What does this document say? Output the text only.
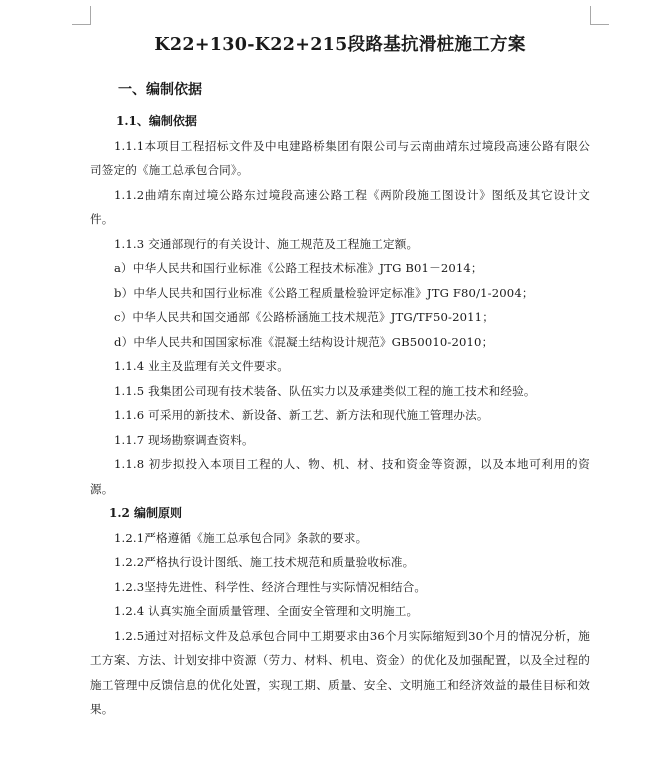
K22+130-K22+215段路基抗滑桩施工方案
一、编制依据
1.1、编制依据

1.1.1本项目工程招标文件及中电建路桥集团有限公司与云南曲靖东过境段高速公路有限公司签定的《施工总承包合同》。

1.1.2曲靖东南过境公路东过境段高速公路工程《两阶段施工图设计》图纸及其它设计文件。

1.1.3 交通部现行的有关设计、施工规范及工程施工定额。

a）中华人民共和国行业标准《公路工程技术标准》JTG B01－2014；

b）中华人民共和国行业标准《公路工程质量检验评定标准》JTG F80/1-2004；

c）中华人民共和国交通部《公路桥涵施工技术规范》JTG/TF50-2011；

d）中华人民共和国国家标准《混凝土结构设计规范》GB50010-2010；

1.1.4 业主及监理有关文件要求。

1.1.5 我集团公司现有技术装备、队伍实力以及承建类似工程的施工技术和经验。

1.1.6 可采用的新技术、新设备、新工艺、新方法和现代施工管理办法。

1.1.7 现场勘察调查资料。

1.1.8 初步拟投入本项目工程的人、物、机、材、技和资金等资源，以及本地可利用的资源。

1.2 编制原则

1.2.1严格遵循《施工总承包合同》条款的要求。

1.2.2严格执行设计图纸、施工技术规范和质量验收标准。

1.2.3坚持先进性、科学性、经济合理性与实际情况相结合。

1.2.4 认真实施全面质量管理、全面安全管理和文明施工。

1.2.5通过对招标文件及总承包合同中工期要求由36个月实际缩短到30个月的情况分析，施工方案、方法、计划安排中资源（劳力、材料、机电、资金）的优化及加强配置，以及全过程的施工管理中反馈信息的优化处置，实现工期、质量、安全、文明施工和经济效益的最佳目标和效果。
